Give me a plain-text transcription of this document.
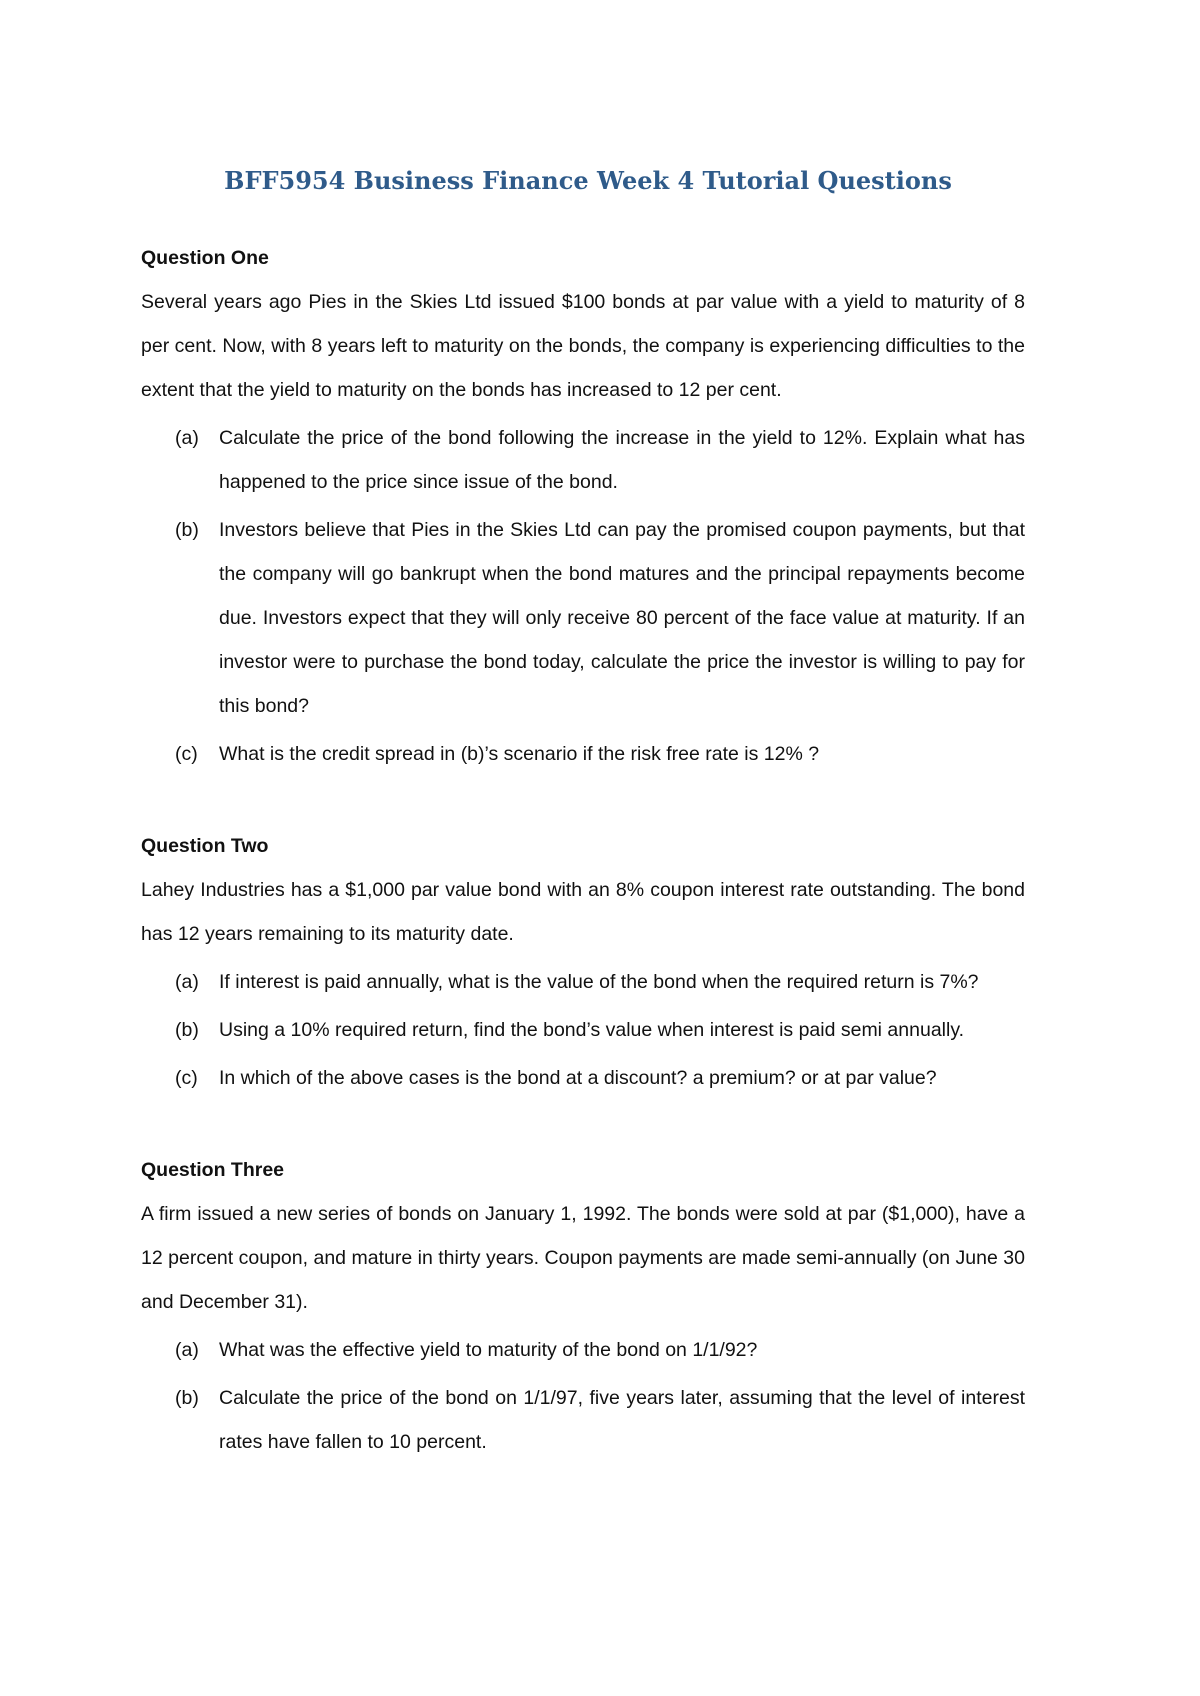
BFF5954 Business Finance Week 4 Tutorial Questions
Question One

Several years ago Pies in the Skies Ltd issued $100 bonds at par value with a yield to maturity of 8 per cent. Now, with 8 years left to maturity on the bonds, the company is experiencing difficulties to the extent that the yield to maturity on the bonds has increased to 12 per cent.

(a)	Calculate the price of the bond following the increase in the yield to 12%. Explain what has happened to the price since issue of the bond.
(b)	Investors believe that Pies in the Skies Ltd can pay the promised coupon payments, but that the company will go bankrupt when the bond matures and the principal repayments become due. Investors expect that they will only receive 80 percent of the face value at maturity. If an investor were to purchase the bond today, calculate the price the investor is willing to pay for this bond?
(c)	What is the credit spread in (b)’s scenario if the risk free rate is 12% ?
Question Two

Lahey Industries has a $1,000 par value bond with an 8% coupon interest rate outstanding. The bond has 12 years remaining to its maturity date.

(a)	If interest is paid annually, what is the value of the bond when the required return is 7%?
(b)	Using a 10% required return, find the bond’s value when interest is paid semi annually.
(c)	In which of the above cases is the bond at a discount? a premium? or at par value?
Question Three

A firm issued a new series of bonds on January 1, 1992. The bonds were sold at par ($1,000), have a 12 percent coupon, and mature in thirty years. Coupon payments are made semi-annually (on June 30 and December 31).

(a)	What was the effective yield to maturity of the bond on 1/1/92?
(b)	Calculate the price of the bond on 1/1/97, five years later, assuming that the level of interest rates have fallen to 10 percent.
